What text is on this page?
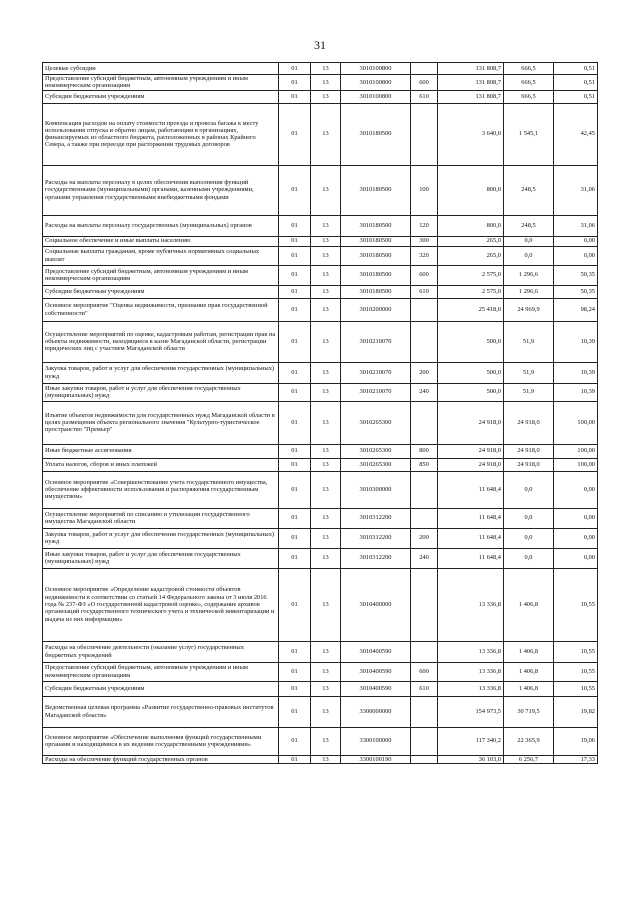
31
Целевые субсидии	01	13	3010100800		131 808,7	666,5	0,51
Предоставление субсидий бюджетным, автономным учреждениям и иным некоммерческим организациям	01	13	3010100800	600	131 808,7	666,5	0,51
Субсидии бюджетным учреждениям	01	13	3010100800	610	131 808,7	666,5	0,51
Компенсация расходов на оплату стоимости проезда и провоза багажа к месту использования отпуска и обратно лицам, работающим в организациях, финансируемых из областного бюджета, расположенных в районах Крайнего Севера, а также при переезде при расторжении трудовых договоров	01	13	3010180500		3 640,0	1 545,1	42,45
Расходы на выплаты персоналу в целях обеспечения выполнения функций государственными (муниципальными) органами, казенными учреждениями, органами управления государственными внебюджетными фондами	01	13	3010180500	100	800,0	248,5	31,06
Расходы на выплаты персоналу государственных (муниципальных) органов	01	13	3010180500	120	800,0	248,5	31,06
Социальное обеспечение и иные выплаты населению	01	13	3010180500	300	265,0	0,0	0,00
Социальные выплаты гражданам, кроме публичных нормативных социальных выплат	01	13	3010180500	320	265,0	0,0	0,00
Предоставление субсидий бюджетным, автономным учреждениям и иным некоммерческим организациям	01	13	3010180500	600	2 575,0	1 296,6	50,35
Субсидии бюджетным учреждениям	01	13	3010180500	610	2 575,0	1 296,6	50,35
Основное мероприятие "Оценка недвижимости, признание прав государственной собственности"	01	13	3010200000		25 418,0	24 969,9	98,24
Осуществление мероприятий по оценке, кадастровым работам, регистрации прав на объекты недвижимости, находящиеся в казне Магаданской области, регистрации юридических лиц с участием Магаданской области	01	13	3010210070		500,0	51,9	10,39
Закупка товаров, работ и услуг для обеспечения государственных (муниципальных) нужд	01	13	3010210070	200	500,0	51,9	10,39
Иные закупки товаров, работ и услуг для обеспечения государственных (муниципальных) нужд	01	13	3010210070	240	500,0	51,9	10,39
Изъятие объектов недвижимости для государственных нужд Магаданской области в целях размещения объекта регионального значения "Культурно-туристическое пространство "Премьер"	01	13	3010265300		24 918,0	24 918,0	100,00
Иные бюджетные ассигнования	01	13	3010265300	800	24 918,0	24 918,0	100,00
Уплата налогов, сборов и иных платежей	01	13	3010265300	850	24 918,0	24 918,0	100,00
Основное мероприятие «Совершенствование учета государственного имущества, обеспечение эффективности использования и распоряжения государственным имуществом»	01	13	3010300000		11 648,4	0,0	0,00
Осуществление мероприятий по списанию и утилизации государственного имущества Магаданской области	01	13	3010312200		11 648,4	0,0	0,00
Закупка товаров, работ и услуг для обеспечения государственных (муниципальных) нужд	01	13	3010312200	200	11 648,4	0,0	0,00
Иные закупки товаров, работ и услуг для обеспечения государственных (муниципальных) нужд	01	13	3010312200	240	11 648,4	0,0	0,00
Основное мероприятие «Определение кадастровой стоимости объектов недвижимости в соответствии со статьей 14 Федерального закона от 3 июля 2016 года № 237-ФЗ «О государственной кадастровой оценке», содержание архивов организаций государственного технического учета и технической инвентаризации и выдача из них информации»	01	13	3010400000		13 336,8	1 406,8	10,55
Расходы на обеспечение деятельности (оказание услуг) государственных бюджетных учреждений	01	13	3010400590		13 336,8	1 406,8	10,55
Предоставление субсидий бюджетным, автономным учреждениям и иным некоммерческим организациям	01	13	3010400590	600	13 336,8	1 406,8	10,55
Субсидии бюджетным учреждениям	01	13	3010400590	610	13 336,8	1 406,8	10,55
Ведомственная целевая программа «Развитие государственно-правовых институтов Магаданской области»	01	13	3300000000		154 973,5	30 719,5	19,82
Основное мероприятие «Обеспечение выполнения функций государственными органами и находящимися в их ведении государственными учреждениями»	01	13	3300100000		117 340,2	22 365,9	19,06
Расходы на обеспечение функций государственных органов	01	13	3300100190		36 103,0	6 256,7	17,33
